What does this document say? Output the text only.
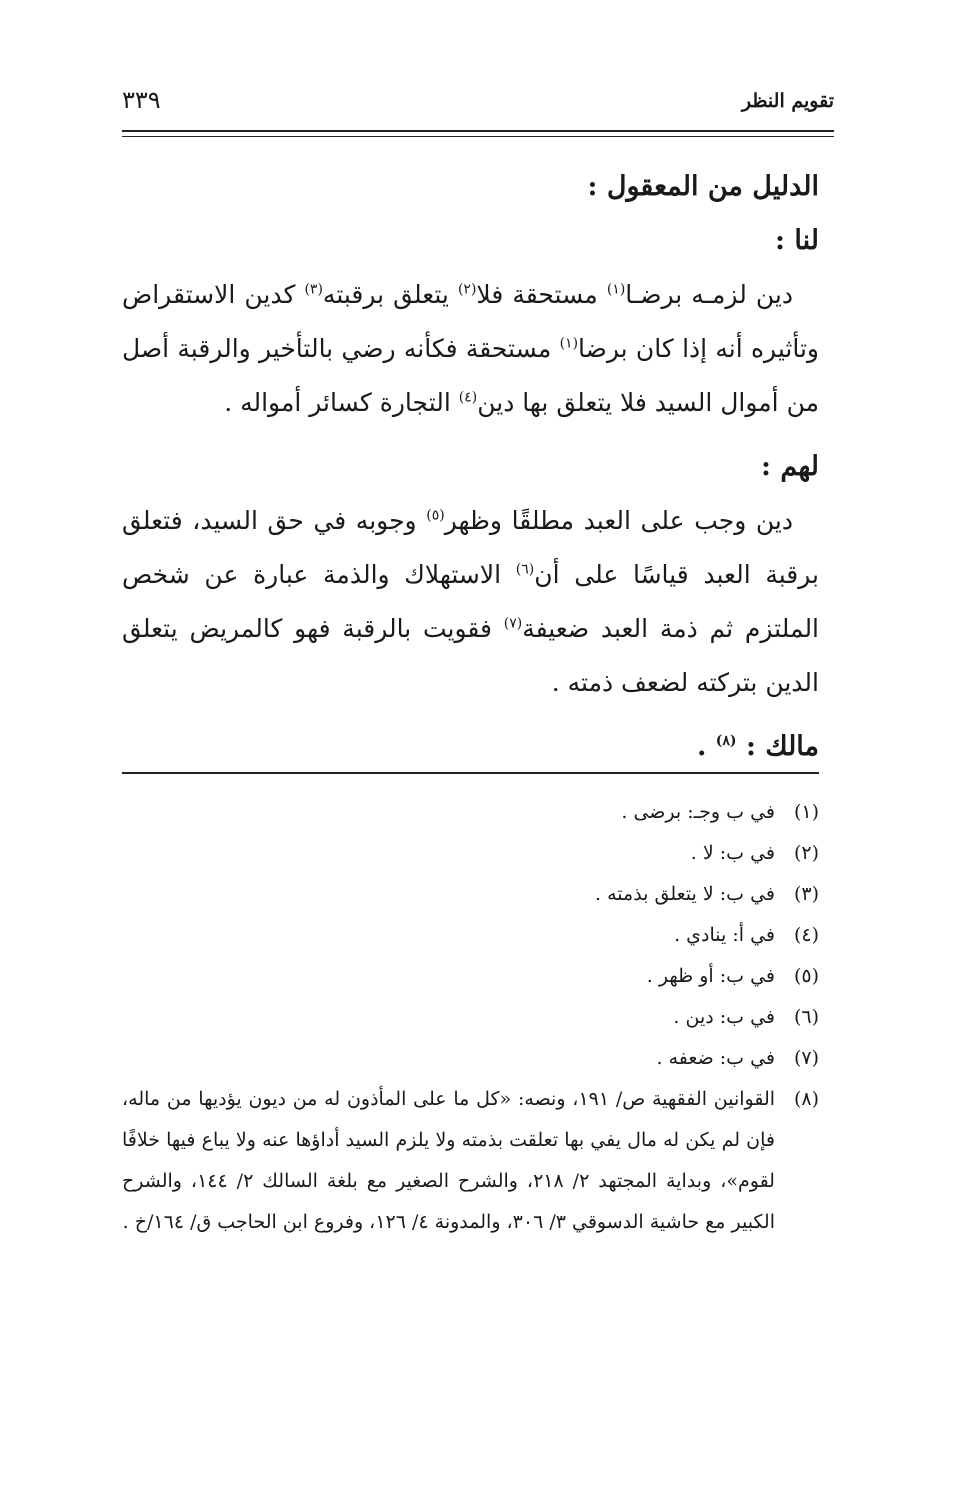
تقويم النظر
٣٣٩

الدليل من المعقول :

لنا :

دين لزمـه برضـا$^{(١)}$ مستحقة فلا$^{(٢)}$ يتعلق برقبته$^{(٣)}$ كدين الاستقراض وتأثيره أنه إذا كان برضا$^{(١)}$ مستحقة فكأنه رضي بالتأخير والرقبة أصل من أموال السيد فلا يتعلق بها دين$^{(٤)}$ التجارة كسائر أمواله .

لهم :

دين وجب على العبد مطلقًا وظهر$^{(٥)}$ وجوبه في حق السيد، فتعلق برقبة العبد قياسًا على أن$^{(٦)}$ الاستهلاك والذمة عبارة عن شخص الملتزم ثم ذمة العبد ضعيفة$^{(٧)}$ فقويت بالرقبة فهو كالمريض يتعلق الدين بتركته لضعف ذمته .

مالك : $^{(٨)}$ .

(١)
في ب وجـ: برضى .
(٢)
في ب: لا .
(٣)
في ب: لا يتعلق بذمته .
(٤)
في أ: ينادي .
(٥)
في ب: أو ظهر .
(٦)
في ب: دين .
(٧)
في ب: ضعفه .
(٨)
القوانين الفقهية ص/ ١٩١، ونصه: «كل ما على المأذون له من ديون يؤديها من ماله، فإن لم يكن له مال يفي بها تعلقت بذمته ولا يلزم السيد أداؤها عنه ولا يباع فيها خلافًا لقوم»، وبداية المجتهد ٢/ ٢١٨، والشرح الصغير مع بلغة السالك ٢/ ١٤٤، والشرح الكبير مع حاشية الدسوقي ٣/ ٣٠٦، والمدونة ٤/ ١٢٦، وفروع ابن الحاجب ق/ ١٦٤/خ .
